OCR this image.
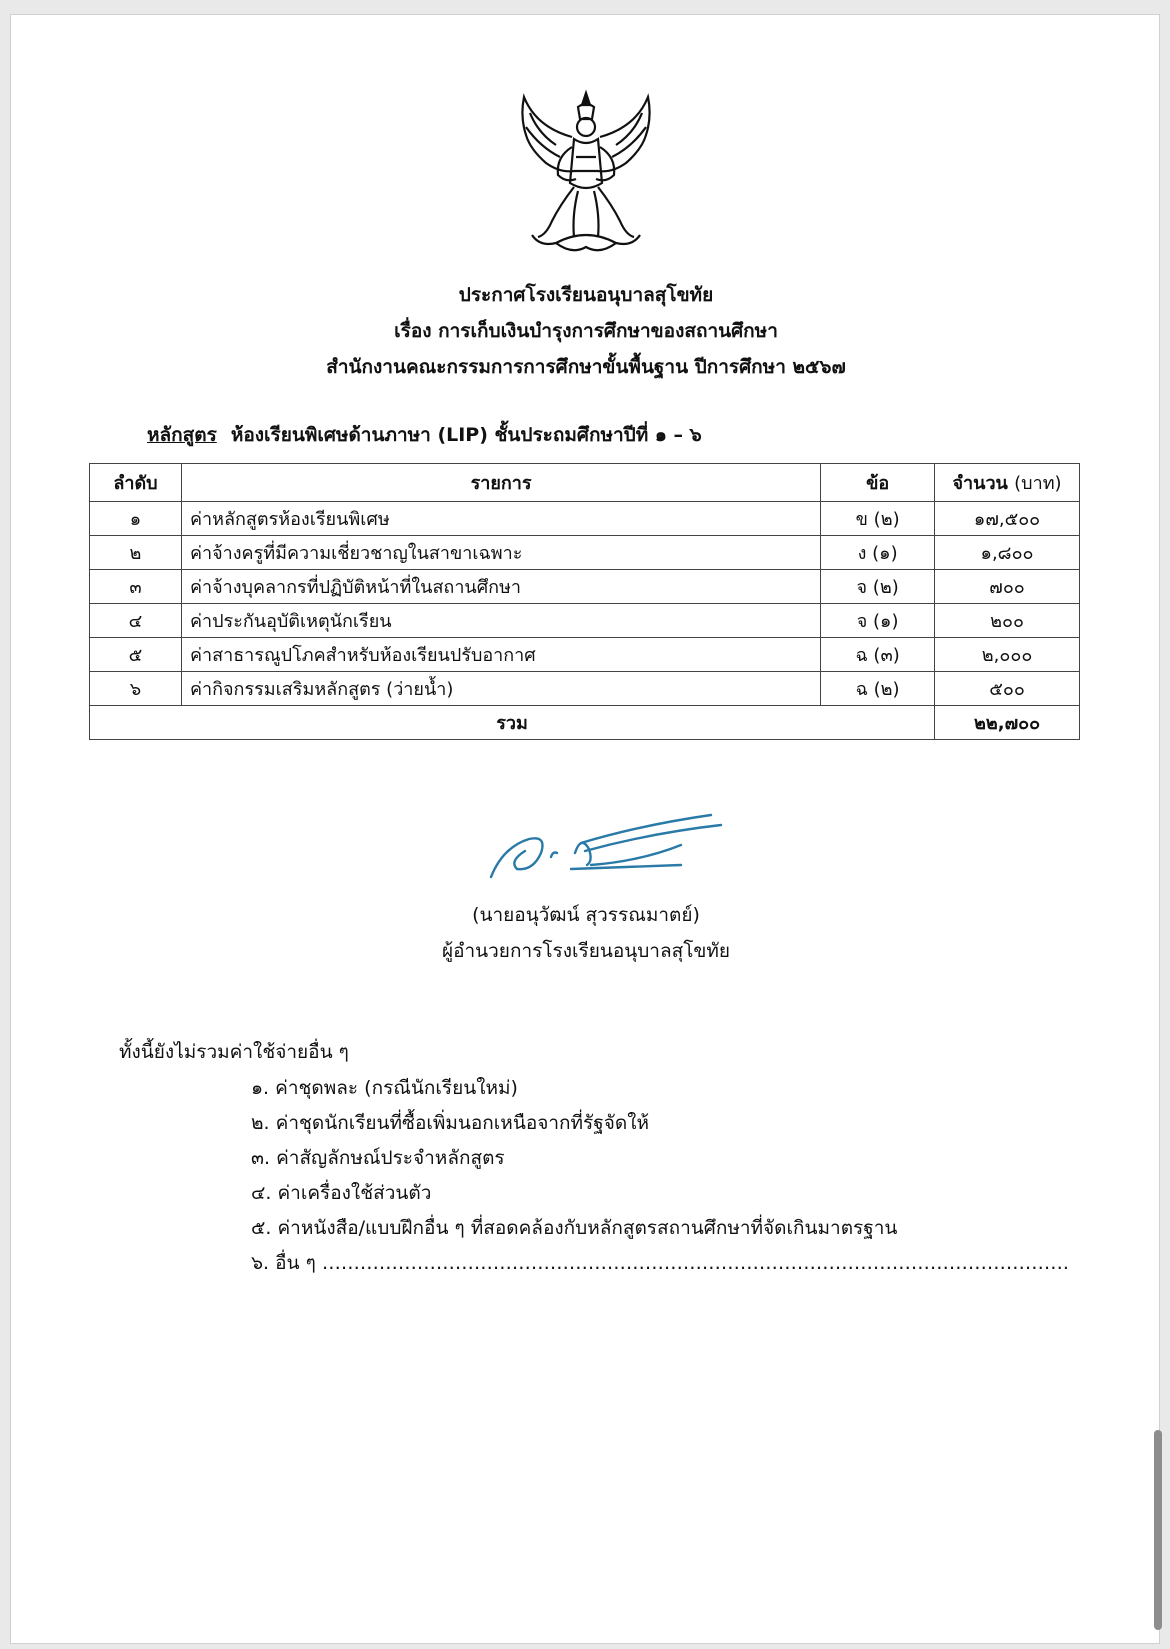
ประกาศโรงเรียนอนุบาลสุโขทัย
เรื่อง การเก็บเงินบำรุงการศึกษาของสถานศึกษา
สำนักงานคณะกรรมการการศึกษาขั้นพื้นฐาน ปีการศึกษา ๒๕๖๗
หลักสูตร ห้องเรียนพิเศษด้านภาษา (LIP) ชั้นประถมศึกษาปีที่ ๑ – ๖
ลำดับ	รายการ	ข้อ	จำนวน (บาท)
๑	ค่าหลักสูตรห้องเรียนพิเศษ	ข (๒)	๑๗,๕๐๐
๒	ค่าจ้างครูที่มีความเชี่ยวชาญในสาขาเฉพาะ	ง (๑)	๑,๘๐๐
๓	ค่าจ้างบุคลากรที่ปฏิบัติหน้าที่ในสถานศึกษา	จ (๒)	๗๐๐
๔	ค่าประกันอุบัติเหตุนักเรียน	จ (๑)	๒๐๐
๕	ค่าสาธารณูปโภคสำหรับห้องเรียนปรับอากาศ	ฉ (๓)	๒,๐๐๐
๖	ค่ากิจกรรมเสริมหลักสูตร (ว่ายน้ำ)	ฉ (๒)	๕๐๐
รวม			๒๒,๗๐๐
(นายอนุวัฒน์ สุวรรณมาตย์)
ผู้อำนวยการโรงเรียนอนุบาลสุโขทัย
ทั้งนี้ยังไม่รวมค่าใช้จ่ายอื่น ๆ
๑. ค่าชุดพละ (กรณีนักเรียนใหม่)
๒. ค่าชุดนักเรียนที่ซื้อเพิ่มนอกเหนือจากที่รัฐจัดให้
๓. ค่าสัญลักษณ์ประจำหลักสูตร
๔. ค่าเครื่องใช้ส่วนตัว
๕. ค่าหนังสือ/แบบฝึกอื่น ๆ ที่สอดคล้องกับหลักสูตรสถานศึกษาที่จัดเกินมาตรฐาน
๖. อื่น ๆ ……………………………………………………………………………………………………….
